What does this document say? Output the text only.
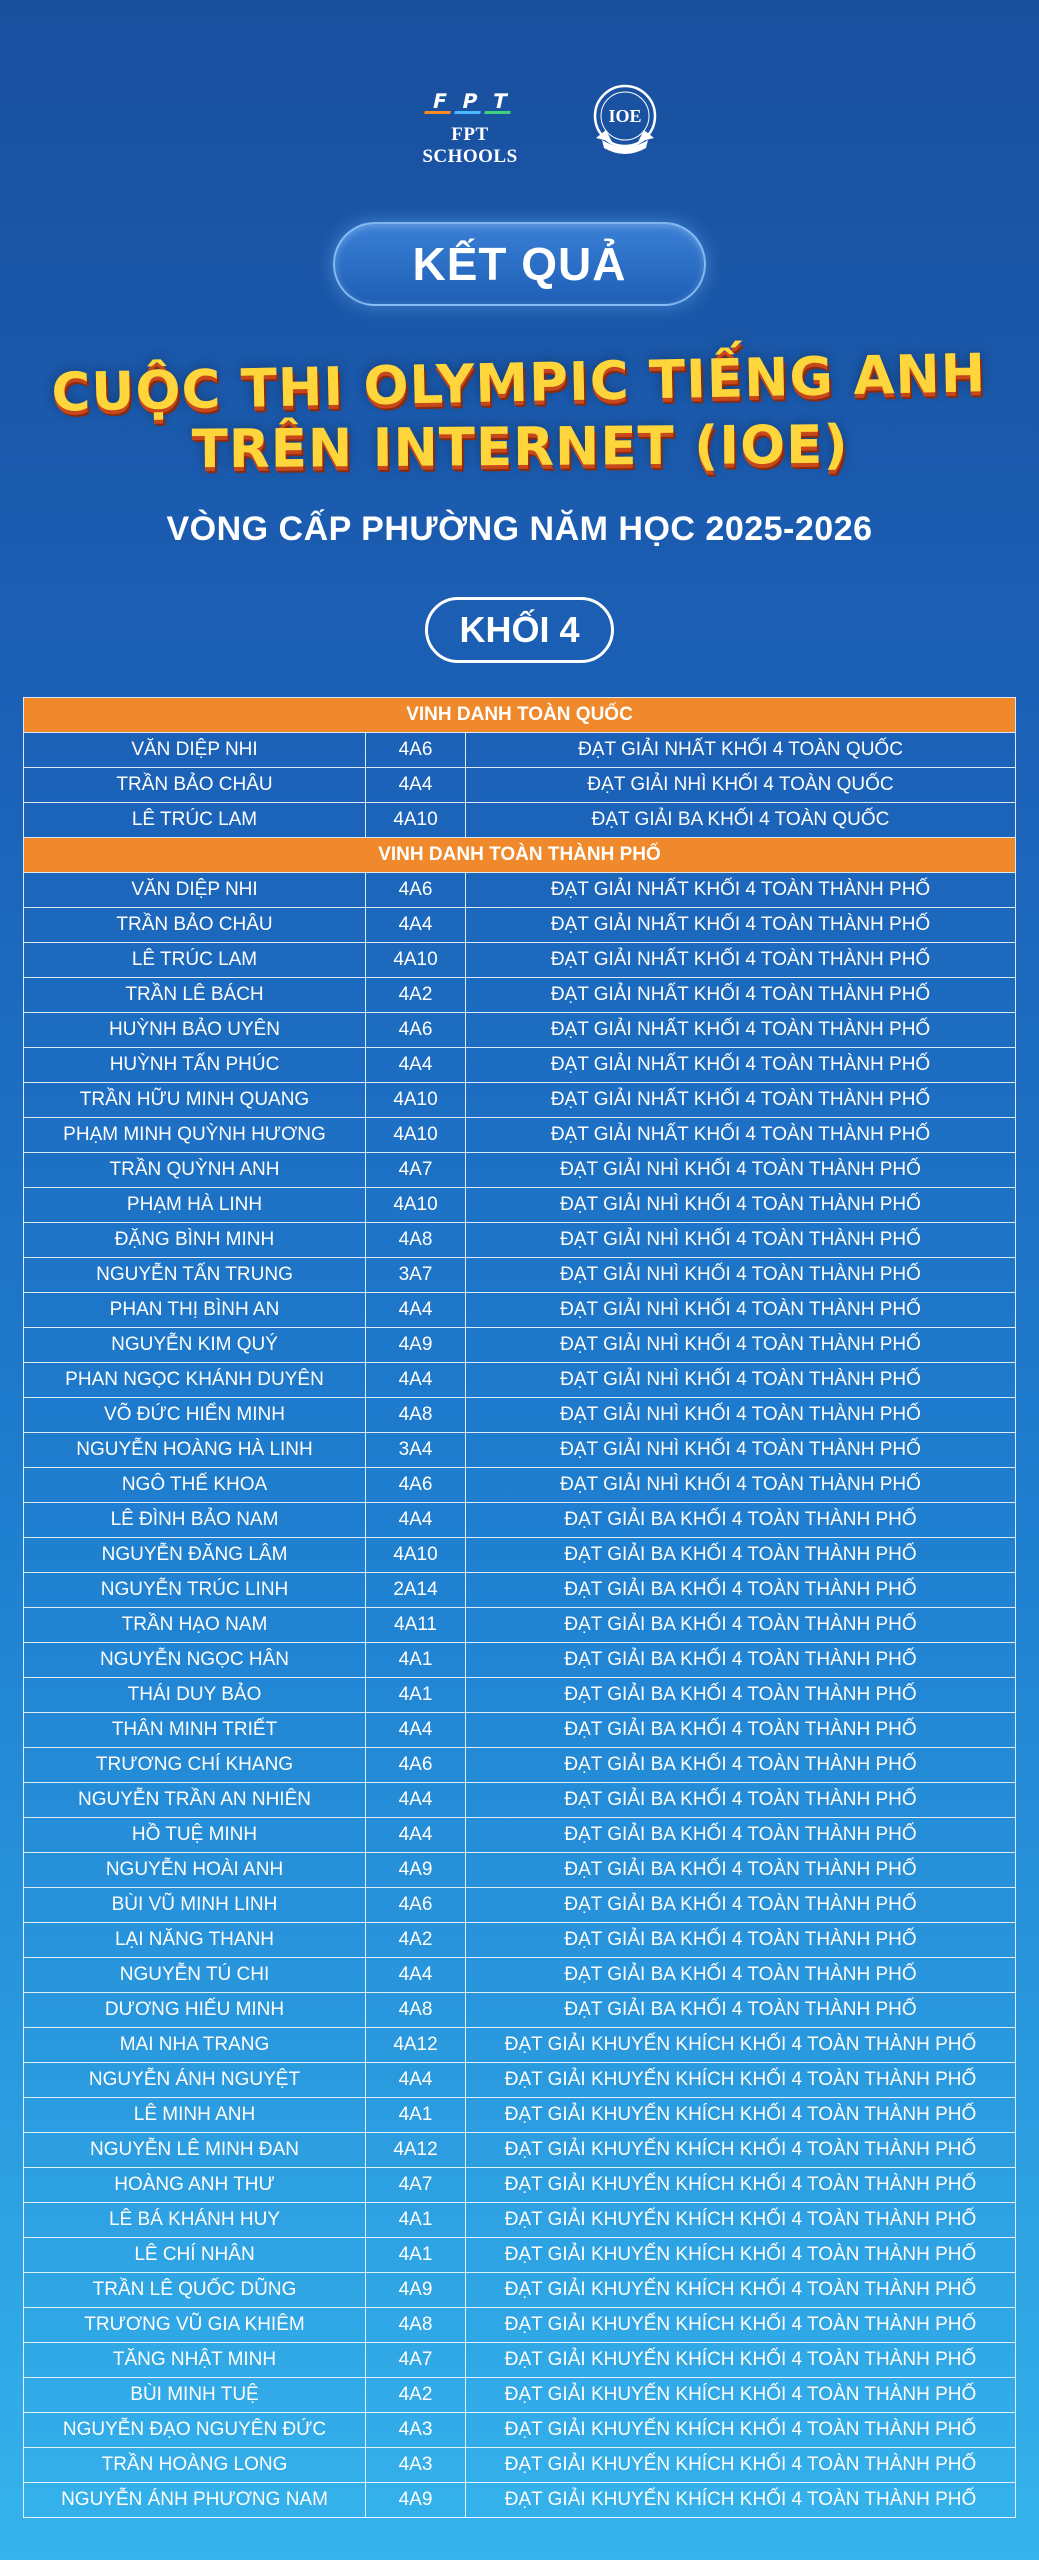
F P T
FPT SCHOOLS
IOE
KẾT QUẢ
CUỘC THI OLYMPIC TIẾNG ANH
TRÊN INTERNET (IOE)
VÒNG CẤP PHƯỜNG NĂM HỌC 2025-2026
KHỐI 4
VINH DANH TOÀN QUỐC		
VĂN DIỆP NHI	4A6	ĐẠT GIẢI NHẤT KHỐI 4 TOÀN QUỐC
TRẦN BẢO CHÂU	4A4	ĐẠT GIẢI NHÌ KHỐI 4 TOÀN QUỐC
LÊ TRÚC LAM	4A10	ĐẠT GIẢI BA KHỐI 4 TOÀN QUỐC
VINH DANH TOÀN THÀNH PHỐ		
VĂN DIỆP NHI	4A6	ĐẠT GIẢI NHẤT KHỐI 4 TOÀN THÀNH PHỐ
TRẦN BẢO CHÂU	4A4	ĐẠT GIẢI NHẤT KHỐI 4 TOÀN THÀNH PHỐ
LÊ TRÚC LAM	4A10	ĐẠT GIẢI NHẤT KHỐI 4 TOÀN THÀNH PHỐ
TRẦN LÊ BÁCH	4A2	ĐẠT GIẢI NHẤT KHỐI 4 TOÀN THÀNH PHỐ
HUỲNH BẢO UYÊN	4A6	ĐẠT GIẢI NHẤT KHỐI 4 TOÀN THÀNH PHỐ
HUỲNH TẤN PHÚC	4A4	ĐẠT GIẢI NHẤT KHỐI 4 TOÀN THÀNH PHỐ
TRẦN HỮU MINH QUANG	4A10	ĐẠT GIẢI NHẤT KHỐI 4 TOÀN THÀNH PHỐ
PHẠM MINH QUỲNH HƯƠNG	4A10	ĐẠT GIẢI NHẤT KHỐI 4 TOÀN THÀNH PHỐ
TRẦN QUỲNH ANH	4A7	ĐẠT GIẢI NHÌ KHỐI 4 TOÀN THÀNH PHỐ
PHẠM HÀ LINH	4A10	ĐẠT GIẢI NHÌ KHỐI 4 TOÀN THÀNH PHỐ
ĐẶNG BÌNH MINH	4A8	ĐẠT GIẢI NHÌ KHỐI 4 TOÀN THÀNH PHỐ
NGUYỄN TẤN TRUNG	3A7	ĐẠT GIẢI NHÌ KHỐI 4 TOÀN THÀNH PHỐ
PHAN THỊ BÌNH AN	4A4	ĐẠT GIẢI NHÌ KHỐI 4 TOÀN THÀNH PHỐ
NGUYỄN KIM QUÝ	4A9	ĐẠT GIẢI NHÌ KHỐI 4 TOÀN THÀNH PHỐ
PHAN NGỌC KHÁNH DUYÊN	4A4	ĐẠT GIẢI NHÌ KHỐI 4 TOÀN THÀNH PHỐ
VÕ ĐỨC HIỂN MINH	4A8	ĐẠT GIẢI NHÌ KHỐI 4 TOÀN THÀNH PHỐ
NGUYỄN HOÀNG HÀ LINH	3A4	ĐẠT GIẢI NHÌ KHỐI 4 TOÀN THÀNH PHỐ
NGÔ THẾ KHOA	4A6	ĐẠT GIẢI NHÌ KHỐI 4 TOÀN THÀNH PHỐ
LÊ ĐÌNH BẢO NAM	4A4	ĐẠT GIẢI BA KHỐI 4 TOÀN THÀNH PHỐ
NGUYỄN ĐĂNG LÂM	4A10	ĐẠT GIẢI BA KHỐI 4 TOÀN THÀNH PHỐ
NGUYỄN TRÚC LINH	2A14	ĐẠT GIẢI BA KHỐI 4 TOÀN THÀNH PHỐ
TRẦN HẠO NAM	4A11	ĐẠT GIẢI BA KHỐI 4 TOÀN THÀNH PHỐ
NGUYỄN NGỌC HÂN	4A1	ĐẠT GIẢI BA KHỐI 4 TOÀN THÀNH PHỐ
THÁI DUY BẢO	4A1	ĐẠT GIẢI BA KHỐI 4 TOÀN THÀNH PHỐ
THÂN MINH TRIẾT	4A4	ĐẠT GIẢI BA KHỐI 4 TOÀN THÀNH PHỐ
TRƯƠNG CHÍ KHANG	4A6	ĐẠT GIẢI BA KHỐI 4 TOÀN THÀNH PHỐ
NGUYỄN TRẦN AN NHIÊN	4A4	ĐẠT GIẢI BA KHỐI 4 TOÀN THÀNH PHỐ
HỒ TUỆ MINH	4A4	ĐẠT GIẢI BA KHỐI 4 TOÀN THÀNH PHỐ
NGUYỄN HOÀI ANH	4A9	ĐẠT GIẢI BA KHỐI 4 TOÀN THÀNH PHỐ
BÙI VŨ MINH LINH	4A6	ĐẠT GIẢI BA KHỐI 4 TOÀN THÀNH PHỐ
LẠI NĂNG THANH	4A2	ĐẠT GIẢI BA KHỐI 4 TOÀN THÀNH PHỐ
NGUYỄN TÚ CHI	4A4	ĐẠT GIẢI BA KHỐI 4 TOÀN THÀNH PHỐ
DƯƠNG HIẾU MINH	4A8	ĐẠT GIẢI BA KHỐI 4 TOÀN THÀNH PHỐ
MAI NHA TRANG	4A12	ĐẠT GIẢI KHUYẾN KHÍCH KHỐI 4 TOÀN THÀNH PHỐ
NGUYỄN ÁNH NGUYỆT	4A4	ĐẠT GIẢI KHUYẾN KHÍCH KHỐI 4 TOÀN THÀNH PHỐ
LÊ MINH ANH	4A1	ĐẠT GIẢI KHUYẾN KHÍCH KHỐI 4 TOÀN THÀNH PHỐ
NGUYỄN LÊ MINH ĐAN	4A12	ĐẠT GIẢI KHUYẾN KHÍCH KHỐI 4 TOÀN THÀNH PHỐ
HOÀNG ANH THƯ	4A7	ĐẠT GIẢI KHUYẾN KHÍCH KHỐI 4 TOÀN THÀNH PHỐ
LÊ BÁ KHÁNH HUY	4A1	ĐẠT GIẢI KHUYẾN KHÍCH KHỐI 4 TOÀN THÀNH PHỐ
LÊ CHÍ NHÂN	4A1	ĐẠT GIẢI KHUYẾN KHÍCH KHỐI 4 TOÀN THÀNH PHỐ
TRẦN LÊ QUỐC DŨNG	4A9	ĐẠT GIẢI KHUYẾN KHÍCH KHỐI 4 TOÀN THÀNH PHỐ
TRƯƠNG VŨ GIA KHIÊM	4A8	ĐẠT GIẢI KHUYẾN KHÍCH KHỐI 4 TOÀN THÀNH PHỐ
TĂNG NHẬT MINH	4A7	ĐẠT GIẢI KHUYẾN KHÍCH KHỐI 4 TOÀN THÀNH PHỐ
BÙI MINH TUỆ	4A2	ĐẠT GIẢI KHUYẾN KHÍCH KHỐI 4 TOÀN THÀNH PHỐ
NGUYỄN ĐẠO NGUYÊN ĐỨC	4A3	ĐẠT GIẢI KHUYẾN KHÍCH KHỐI 4 TOÀN THÀNH PHỐ
TRẦN HOÀNG LONG	4A3	ĐẠT GIẢI KHUYẾN KHÍCH KHỐI 4 TOÀN THÀNH PHỐ
NGUYỄN ÁNH PHƯƠNG NAM	4A9	ĐẠT GIẢI KHUYẾN KHÍCH KHỐI 4 TOÀN THÀNH PHỐ
